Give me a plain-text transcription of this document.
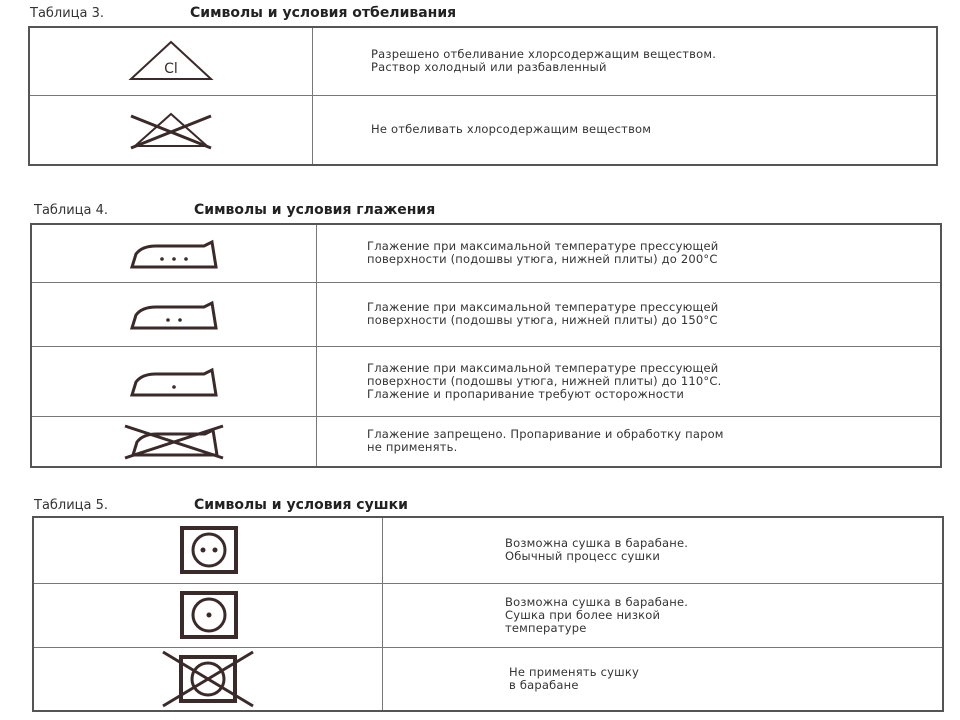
Таблица 3.	Символы и условия отбеливания
Cl	Разрешено отбеливание хлорсодержащим веществом.
Раствор холодный или разбавленный

Не отбеливать хлорсодержащим веществом
Таблица 4.	Символы и условия глажения

Глажение при максимальной температуре прессующей
поверхности (подошвы утюга, нижней плиты) до 200°С

Глажение при максимальной температуре прессующей
поверхности (подошвы утюга, нижней плиты) до 150°С

Глажение при максимальной температуре прессующей
поверхности (подошвы утюга, нижней плиты) до 110°С.
Глажение и пропаривание требуют осторожности

Глажение запрещено. Пропаривание и обработку паром
не применять.
Таблица 5.	Символы и условия сушки

Возможна сушка в барабане.
Обычный процесс сушки

Возможна сушка в барабане.
Сушка при более низкой
температуре

Не применять сушку
в барабане
